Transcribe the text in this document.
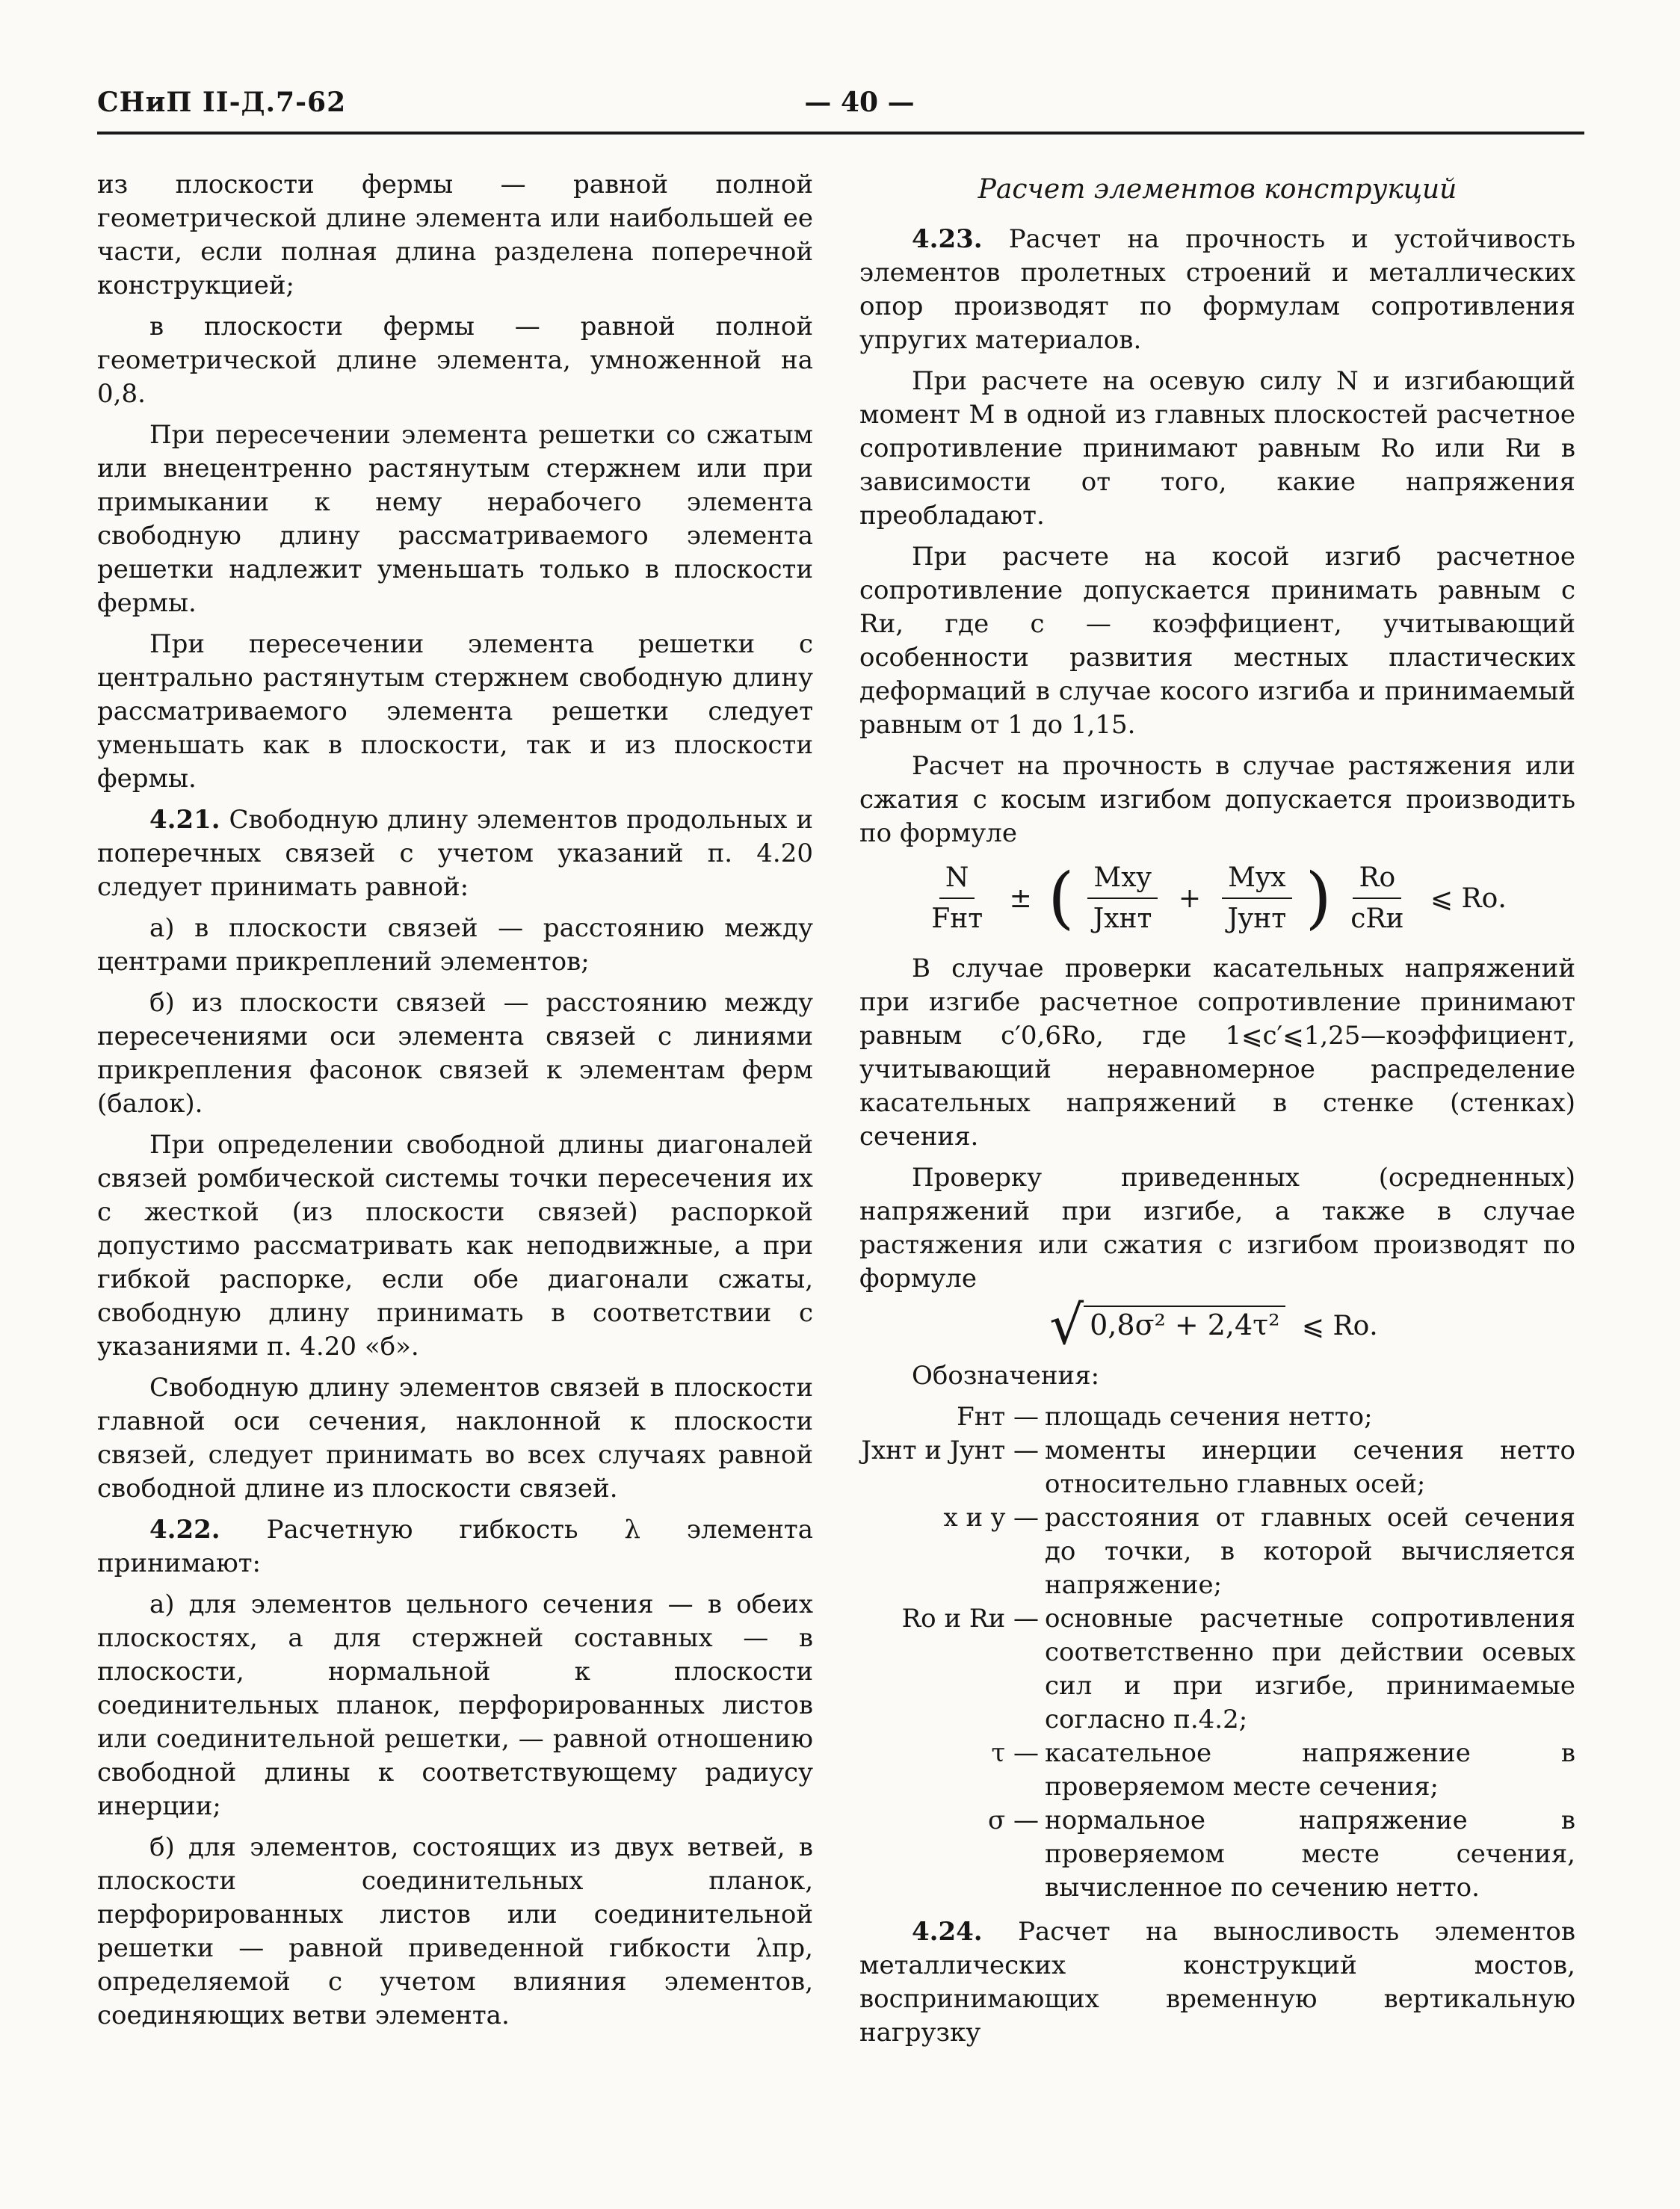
СНиП II-Д.7-62	— 40 —

из плоскости фермы — равной полной геометрической длине элемента или наибольшей ее части, если полная длина разделена поперечной конструкцией;

в плоскости фермы — равной полной геометрической длине элемента, умноженной на 0,8.

При пересечении элемента решетки со сжатым или внецентренно растянутым стержнем или при примыкании к нему нерабочего элемента свободную длину рассматриваемого элемента решетки надлежит уменьшать только в плоскости фермы.

При пересечении элемента решетки с центрально растянутым стержнем свободную длину рассматриваемого элемента решетки следует уменьшать как в плоскости, так и из плоскости фермы.

4.21. Свободную длину элементов продольных и поперечных связей с учетом указаний п. 4.20 следует принимать равной:

а) в плоскости связей — расстоянию между центрами прикреплений элементов;

б) из плоскости связей — расстоянию между пересечениями оси элемента связей с линиями прикрепления фасонок связей к элементам ферм (балок).

При определении свободной длины диагоналей связей ромбической системы точки пересечения их с жесткой (из плоскости связей) распоркой допустимо рассматривать как неподвижные, а при гибкой распорке, если обе диагонали сжаты, свободную длину принимать в соответствии с указаниями п. 4.20 «б».

Свободную длину элементов связей в плоскости главной оси сечения, наклонной к плоскости связей, следует принимать во всех случаях равной свободной длине из плоскости связей.

4.22. Расчетную гибкость λ элемента принимают:

а) для элементов цельного сечения — в обеих плоскостях, а для стержней составных — в плоскости, нормальной к плоскости соединительных планок, перфорированных листов или соединительной решетки, — равной отношению свободной длины к соответствующему радиусу инерции;

б) для элементов, состоящих из двух ветвей, в плоскости соединительных планок, перфорированных листов или соединительной решетки — равной приведенной гибкости λпр, определяемой с учетом влияния элементов, соединяющих ветви элемента.

Расчет элементов конструкций

4.23. Расчет на прочность и устойчивость элементов пролетных строений и металлических опор производят по формулам сопротивления упругих материалов.

При расчете на осевую силу N и изгибающий момент M в одной из главных плоскостей расчетное сопротивление принимают равным Rо или Rи в зависимости от того, какие напряжения преобладают.

При расчете на косой изгиб расчетное сопротивление допускается принимать равным c Rи, где c — коэффициент, учитывающий особенности развития местных пластических деформаций в случае косого изгиба и принимаемый равным от 1 до 1,15.

Расчет на прочность в случае растяжения или сжатия с косым изгибом допускается производить по формуле

$\frac{N}{\text{Fнт}}$ ± ( $\frac{\text{Mxy}}{\text{Jxнт}} + \frac{\text{Myx}}{\text{Jyнт}}$ ) $\frac{Rо}{\text{cRи}}$ ⩽ Rо.

В случае проверки касательных напряжений при изгибе расчетное сопротивление принимают равным c′0,6Rо, где 1⩽c′⩽1,25—коэффициент, учитывающий неравномерное распределение касательных напряжений в стенке (стенках) сечения.

Проверку приведенных (осредненных) напряжений при изгибе, а также в случае растяжения или сжатия с изгибом производят по формуле

√ 0,8σ² + 2,4τ² ⩽ Rо.

Обозначения:

Fнт — площадь сечения нетто;
Jxнт и Jyнт — моменты инерции сечения нетто относительно главных осей;
x и y — расстояния от главных осей сечения до точки, в которой вычисляется напряжение;
Rо и Rи — основные расчетные сопротивления соответственно при действии осевых сил и при изгибе, принимаемые согласно п.4.2;
τ — касательное напряжение в проверяемом месте сечения;
σ — нормальное напряжение в проверяемом месте сечения, вычисленное по сечению нетто.

4.24. Расчет на выносливость элементов металлических конструкций мостов, воспринимающих временную вертикальную нагрузку
